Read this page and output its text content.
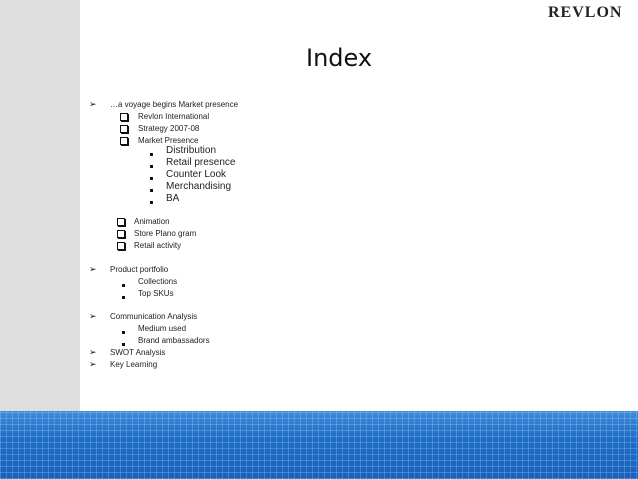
REVLON
Index
➢ …a voyage begins Market presence
Revlon International
Strategy 2007-08
Market Presence
Distribution
Retail presence
Counter Look
Merchandising
BA
Animation
Store Plano gram
Retail activity
➢ Product portfolio
Collections
Top SKUs
➢ Communication Analysis
Medium used
Brand ambassadors
➢ SWOT Analysis
➢ Key Learning
